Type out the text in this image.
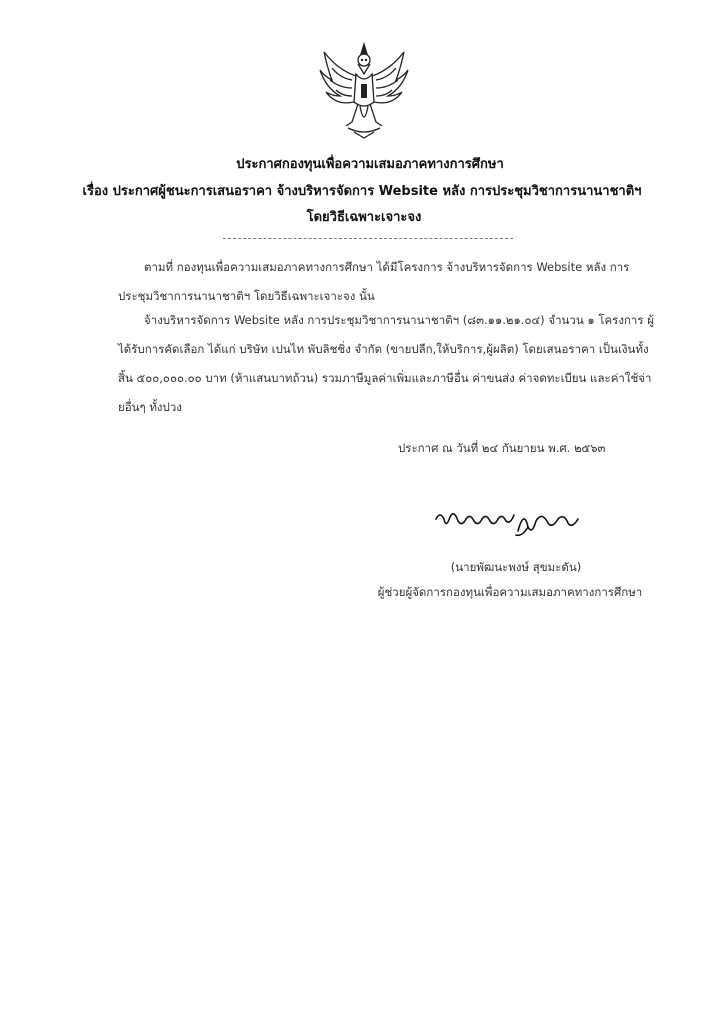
ประกาศกองทุนเพื่อความเสมอภาคทางการศึกษา
เรื่อง ประกาศผู้ชนะการเสนอราคา จ้างบริหารจัดการ Website หลัง การประชุมวิชาการนานาชาติฯ
โดยวิธีเฉพาะเจาะจง
ตามที่ กองทุนเพื่อความเสมอภาคทางการศึกษา ได้มีโครงการ จ้างบริหารจัดการ Website หลัง การประชุมวิชาการนานาชาติฯ โดยวิธีเฉพาะเจาะจง นั้น
จ้างบริหารจัดการ Website หลัง การประชุมวิชาการนานาชาติฯ (๘๓.๑๑.๒๑.๐๔) จำนวน ๑ โครงการ ผู้ได้รับการคัดเลือก ได้แก่ บริษัท เปนไท พับลิชชิ่ง จำกัด (ขายปลีก,ให้บริการ,ผู้ผลิต) โดยเสนอราคา เป็นเงินทั้งสิ้น ๕๐๐,๐๐๐.๐๐ บาท (ห้าแสนบาทถ้วน) รวมภาษีมูลค่าเพิ่มและภาษีอื่น ค่าขนส่ง ค่าจดทะเบียน และค่าใช้จ่ายอื่นๆ ทั้งปวง
ประกาศ ณ วันที่ ๒๔ กันยายน พ.ศ. ๒๕๖๓
(นายพัฒนะพงษ์ สุขมะดัน)
ผู้ช่วยผู้จัดการกองทุนเพื่อความเสมอภาคทางการศึกษา
